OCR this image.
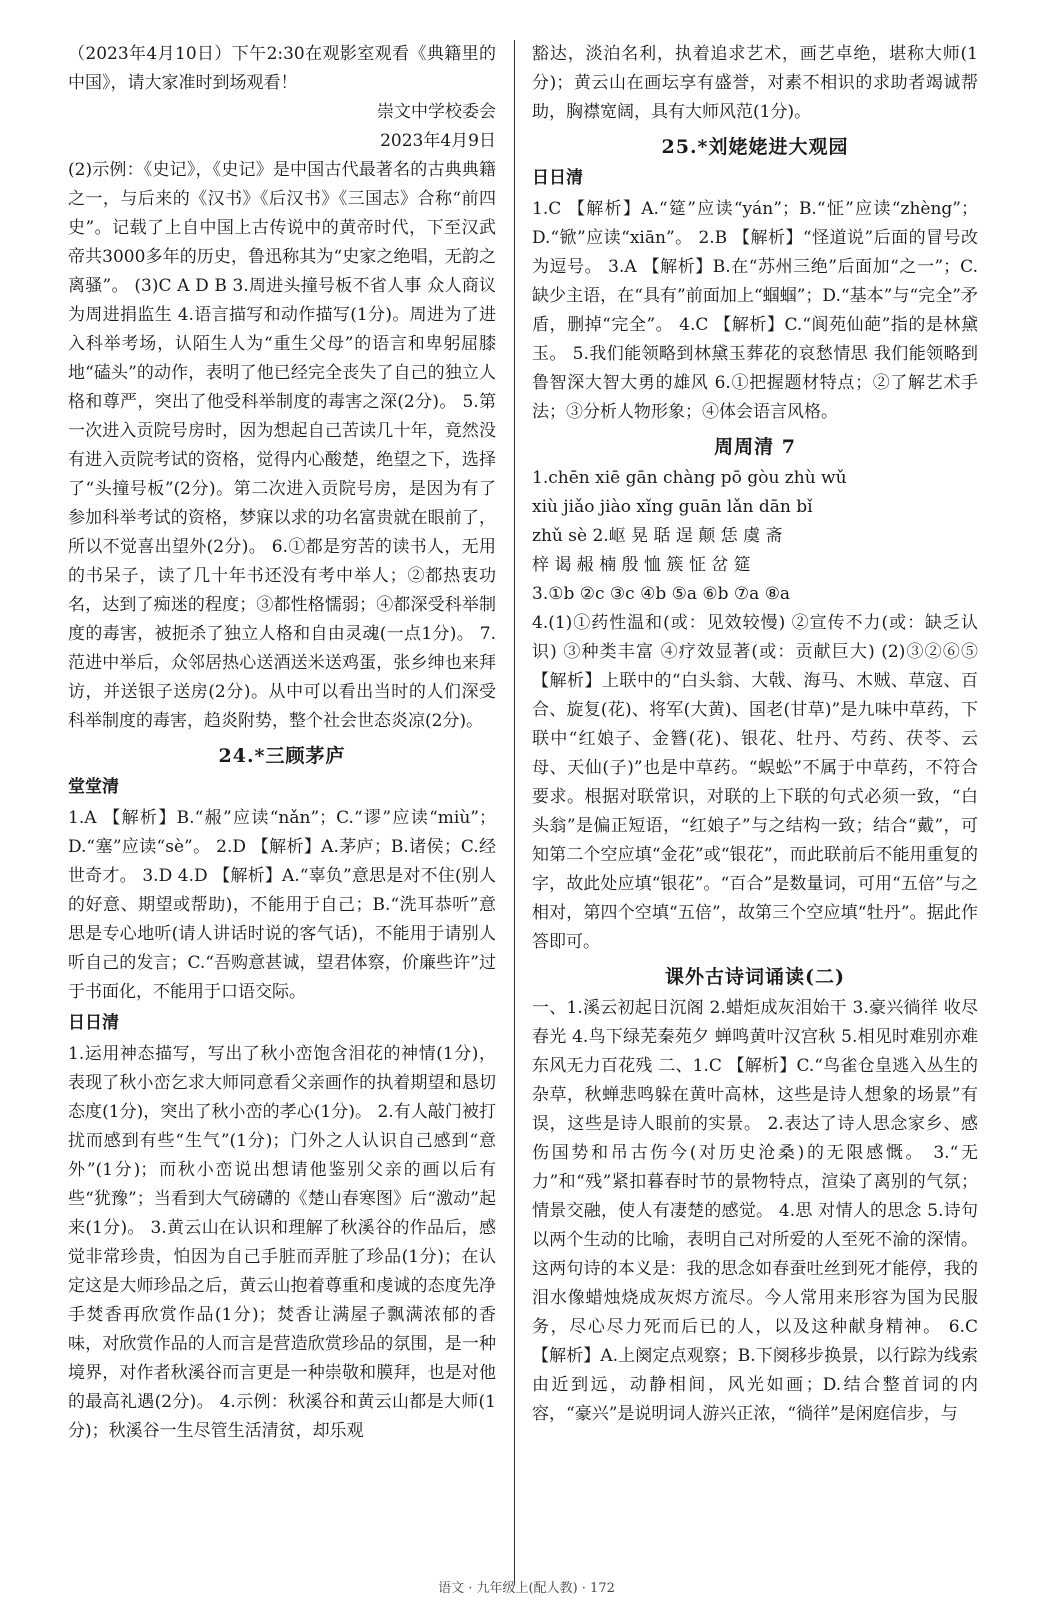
（2023年4月10日）下午2:30在观影室观看《典籍里的中国》，请大家准时到场观看！

崇文中学校委会

2023年4月9日

(2)示例：《史记》，《史记》是中国古代最著名的古典典籍之一，与后来的《汉书》《后汉书》《三国志》合称“前四史”。记载了上自中国上古传说中的黄帝时代，下至汉武帝共3000多年的历史，鲁迅称其为“史家之绝唱，无韵之离骚”。 (3)C A D B 3.周进头撞号板不省人事 众人商议为周进捐监生 4.语言描写和动作描写(1分)。周进为了进入科举考场，认陌生人为“重生父母”的语言和卑躬屈膝地“磕头”的动作，表明了他已经完全丧失了自己的独立人格和尊严，突出了他受科举制度的毒害之深(2分)。 5.第一次进入贡院号房时，因为想起自己苦读几十年，竟然没有进入贡院考试的资格，觉得内心酸楚，绝望之下，选择了“头撞号板”(2分)。第二次进入贡院号房，是因为有了参加科举考试的资格，梦寐以求的功名富贵就在眼前了，所以不觉喜出望外(2分)。 6.①都是穷苦的读书人，无用的书呆子，读了几十年书还没有考中举人；②都热衷功名，达到了痴迷的程度；③都性格懦弱；④都深受科举制度的毒害，被扼杀了独立人格和自由灵魂(一点1分)。 7.范进中举后，众邻居热心送酒送米送鸡蛋，张乡绅也来拜访，并送银子送房(2分)。从中可以看出当时的人们深受科举制度的毒害，趋炎附势，整个社会世态炎凉(2分)。

24.*三顾茅庐
堂堂清

1.A 【解析】B.“赧”应读“nǎn”；C.“谬”应读“miù”；D.“塞”应读“sè”。 2.D 【解析】A.茅庐；B.诸侯；C.经世奇才。 3.D 4.D 【解析】A.“辜负”意思是对不住(别人的好意、期望或帮助)，不能用于自己；B.“洗耳恭听”意思是专心地听(请人讲话时说的客气话)，不能用于请别人听自己的发言；C.“吾购意甚诚，望君体察，价廉些许”过于书面化，不能用于口语交际。

日日清

1.运用神态描写，写出了秋小峦饱含泪花的神情(1分)，表现了秋小峦乞求大师同意看父亲画作的执着期望和恳切态度(1分)，突出了秋小峦的孝心(1分)。 2.有人敲门被打扰而感到有些“生气”(1分)；门外之人认识自己感到“意外”(1分)；而秋小峦说出想请他鉴别父亲的画以后有些“犹豫”；当看到大气磅礴的《楚山春寒图》后“激动”起来(1分)。 3.黄云山在认识和理解了秋溪谷的作品后，感觉非常珍贵，怕因为自己手脏而弄脏了珍品(1分)；在认定这是大师珍品之后，黄云山抱着尊重和虔诚的态度先净手焚香再欣赏作品(1分)；焚香让满屋子飘满浓郁的香味，对欣赏作品的人而言是营造欣赏珍品的氛围，是一种境界，对作者秋溪谷而言更是一种崇敬和膜拜，也是对他的最高礼遇(2分)。 4.示例：秋溪谷和黄云山都是大师(1分)；秋溪谷一生尽管生活清贫，却乐观

豁达，淡泊名利，执着追求艺术，画艺卓绝，堪称大师(1分)；黄云山在画坛享有盛誉，对素不相识的求助者竭诚帮助，胸襟宽阔，具有大师风范(1分)。

25.*刘姥姥进大观园
日日清

1.C 【解析】A.“筵”应读“yán”；B.“怔”应读“zhèng”；D.“锨”应读“xiān”。 2.B 【解析】“怪道说”后面的冒号改为逗号。 3.A 【解析】B.在“苏州三绝”后面加“之一”；C.缺少主语，在“具有”前面加上“蝈蝈”；D.“基本”与“完全”矛盾，删掉“完全”。 4.C 【解析】C.“阆苑仙葩”指的是林黛玉。 5.我们能领略到林黛玉葬花的哀愁情思 我们能领略到鲁智深大智大勇的雄风 6.①把握题材特点；②了解艺术手法；③分析人物形象；④体会语言风格。

周周清 7

1.chēn xiē gān chàng pō gòu zhù wǔ

xiù jiǎo jiào xǐng guān lǎn dān bǐ

zhǔ sè 2.岖 晃 聒 逞 颠 恁 虞 斋

梓 谒 赧 楠 殷 恤 簇 怔 岔 筵

3.①b ②c ③c ④b ⑤a ⑥b ⑦a ⑧a

4.(1)①药性温和(或：见效较慢) ②宣传不力(或：缺乏认识) ③种类丰富 ④疗效显著(或：贡献巨大) (2)③②⑥⑤ 【解析】上联中的“白头翁、大戟、海马、木贼、草寇、百合、旋复(花)、将军(大黄)、国老(甘草)”是九味中草药，下联中“红娘子、金簪(花)、银花、牡丹、芍药、茯苓、云母、天仙(子)”也是中草药。“蜈蚣”不属于中草药，不符合要求。根据对联常识，对联的上下联的句式必须一致，“白头翁”是偏正短语，“红娘子”与之结构一致；结合“戴”，可知第二个空应填“金花”或“银花”，而此联前后不能用重复的字，故此处应填“银花”。“百合”是数量词，可用“五倍”与之相对，第四个空填“五倍”，故第三个空应填“牡丹”。据此作答即可。

课外古诗词诵读(二)

一、1.溪云初起日沉阁 2.蜡炬成灰泪始干 3.豪兴徜徉 收尽春光 4.鸟下绿芜秦苑夕 蝉鸣黄叶汉宫秋 5.相见时难别亦难 东风无力百花残 二、1.C 【解析】C.“鸟雀仓皇逃入丛生的杂草，秋蝉悲鸣躲在黄叶高林，这些是诗人想象的场景”有误，这些是诗人眼前的实景。 2.表达了诗人思念家乡、感伤国势和吊古伤今(对历史沧桑)的无限感慨。 3.“无力”和“残”紧扣暮春时节的景物特点，渲染了离别的气氛；情景交融，使人有凄楚的感觉。 4.思 对情人的思念 5.诗句以两个生动的比喻，表明自己对所爱的人至死不渝的深情。这两句诗的本义是：我的思念如春蚕吐丝到死才能停，我的泪水像蜡烛烧成灰烬方流尽。今人常用来形容为国为民服务，尽心尽力死而后已的人，以及这种献身精神。 6.C 【解析】A.上阕定点观察；B.下阕移步换景，以行踪为线索由近到远，动静相间，风光如画；D.结合整首词的内容，“豪兴”是说明词人游兴正浓，“徜徉”是闲庭信步，与

语文 · 九年级上(配人教) · 172
